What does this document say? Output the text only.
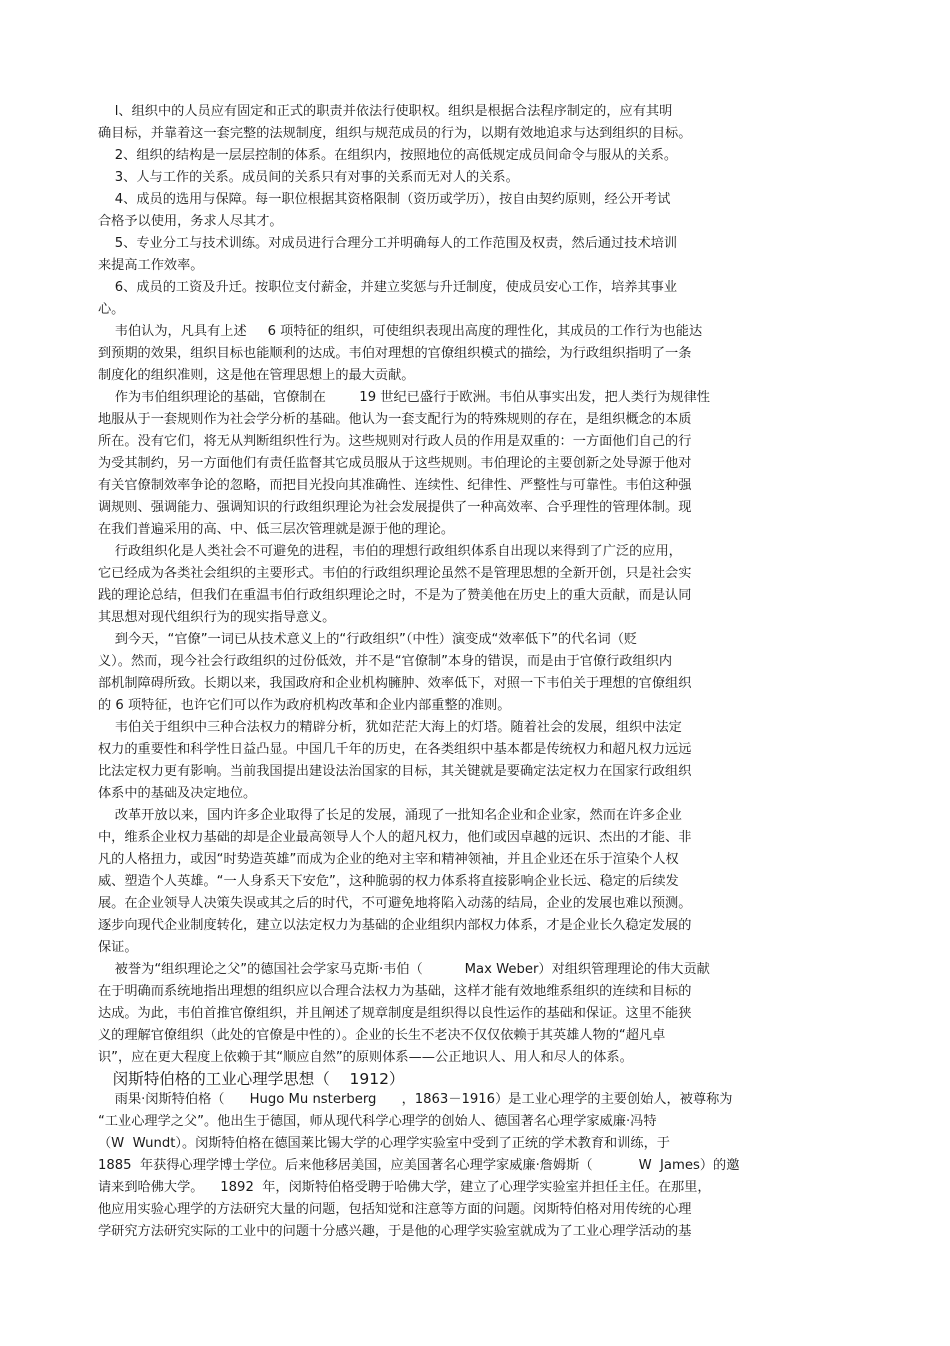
l、组织中的人员应有固定和正式的职责并依法行使职权。组织是根据合法程序制定的，应有其明
确目标，并靠着这一套完整的法规制度，组织与规范成员的行为，以期有效地追求与达到组织的目标。
2、组织的结构是一层层控制的体系。在组织内，按照地位的高低规定成员间命令与服从的关系。
3、人与工作的关系。成员间的关系只有对事的关系而无对人的关系。
4、成员的选用与保障。每一职位根据其资格限制（资历或学历），按自由契约原则，经公开考试
合格予以使用，务求人尽其才。
5、专业分工与技术训练。对成员进行合理分工并明确每人的工作范围及权责，然后通过技术培训
来提高工作效率。
6、成员的工资及升迁。按职位支付薪金，并建立奖惩与升迁制度，使成员安心工作，培养其事业
心。
韦伯认为，凡具有上述     6 项特征的组织，可使组织表现出高度的理性化，其成员的工作行为也能达
到预期的效果，组织目标也能顺利的达成。韦伯对理想的官僚组织模式的描绘，为行政组织指明了一条
制度化的组织准则，这是他在管理思想上的最大贡献。
作为韦伯组织理论的基础，官僚制在        19 世纪已盛行于欧洲。韦伯从事实出发，把人类行为规律性
地服从于一套规则作为社会学分析的基础。他认为一套支配行为的特殊规则的存在，是组织概念的本质
所在。没有它们，将无从判断组织性行为。这些规则对行政人员的作用是双重的：一方面他们自己的行
为受其制约，另一方面他们有责任监督其它成员服从于这些规则。韦伯理论的主要创新之处导源于他对
有关官僚制效率争论的忽略，而把目光投向其准确性、连续性、纪律性、严整性与可靠性。韦伯这种强
调规则、强调能力、强调知识的行政组织理论为社会发展提供了一种高效率、合乎理性的管理体制。现
在我们普遍采用的高、中、低三层次管理就是源于他的理论。
行政组织化是人类社会不可避免的进程，韦伯的理想行政组织体系自出现以来得到了广泛的应用，
它已经成为各类社会组织的主要形式。韦伯的行政组织理论虽然不是管理思想的全新开创，只是社会实
践的理论总结，但我们在重温韦伯行政组织理论之时，不是为了赞美他在历史上的重大贡献，而是认同
其思想对现代组织行为的现实指导意义。
到今天，“官僚”一词已从技术意义上的“行政组织”（中性）演变成“效率低下”的代名词（贬
义）。然而，现今社会行政组织的过份低效，并不是“官僚制”本身的错误，而是由于官僚行政组织内
部机制障碍所致。长期以来，我国政府和企业机构臃肿、效率低下，对照一下韦伯关于理想的官僚组织
的 6 项特征，也许它们可以作为政府机构改革和企业内部重整的准则。
韦伯关于组织中三种合法权力的精辟分析，犹如茫茫大海上的灯塔。随着社会的发展，组织中法定
权力的重要性和科学性日益凸显。中国几千年的历史，在各类组织中基本都是传统权力和超凡权力远远
比法定权力更有影响。当前我国提出建设法治国家的目标，其关键就是要确定法定权力在国家行政组织
体系中的基础及决定地位。
改革开放以来，国内许多企业取得了长足的发展，涌现了一批知名企业和企业家，然而在许多企业
中，维系企业权力基础的却是企业最高领导人个人的超凡权力，他们或因卓越的远识、杰出的才能、非
凡的人格扭力，或因“时势造英雄”而成为企业的绝对主宰和精神领袖，并且企业还在乐于渲染个人权
威、塑造个人英雄。“一人身系天下安危”，这种脆弱的权力体系将直接影响企业长远、稳定的后续发
展。在企业领导人决策失误或其之后的时代，不可避免地将陷入动荡的结局，企业的发展也难以预测。
逐步向现代企业制度转化，建立以法定权力为基础的企业组织内部权力体系，才是企业长久稳定发展的
保证。
被誉为“组织理论之父”的德国社会学家马克斯·韦伯（          Max Weber）对组织管理理论的伟大贡献
在于明确而系统地指出理想的组织应以合理合法权力为基础，这样才能有效地维系组织的连续和目标的
达成。为此，韦伯首推官僚组织，并且阐述了规章制度是组织得以良性运作的基础和保证。这里不能狭
义的理解官僚组织（此处的官僚是中性的）。企业的长生不老决不仅仅依赖于其英雄人物的“超凡卓
识”，应在更大程度上依赖于其“顺应自然”的原则体系——公正地识人、用人和尽人的体系。
闵斯特伯格的工业心理学思想（    1912）
雨果·闵斯特伯格（      Hugo Mu nsterberg      ，1863－1916）是工业心理学的主要创始人，被尊称为
“工业心理学之父”。他出生于德国，师从现代科学心理学的创始人、德国著名心理学家威廉·冯特
（W  Wundt）。闵斯特伯格在德国莱比锡大学的心理学实验室中受到了正统的学术教育和训练，于
1885  年获得心理学博士学位。后来他移居美国，应美国著名心理学家威廉·詹姆斯（           W  James）的邀
请来到哈佛大学。    1892  年，闵斯特伯格受聘于哈佛大学，建立了心理学实验室并担任主任。在那里，
他应用实验心理学的方法研究大量的问题，包括知觉和注意等方面的问题。闵斯特伯格对用传统的心理
学研究方法研究实际的工业中的问题十分感兴趣，于是他的心理学实验室就成为了工业心理学活动的基
